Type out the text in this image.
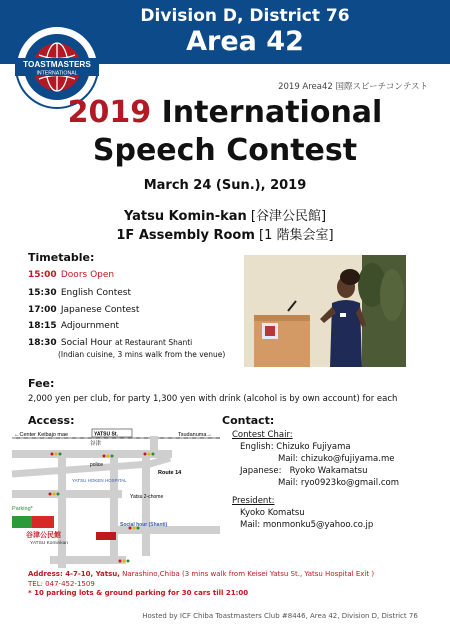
Division D, District 76
Area 42
TOASTMASTERS
INTERNATIONAL
2019 Area42 国際スピーチコンテスト
2019 International
Speech Contest
March 24 (Sun.), 2019
Yatsu Komin-kan [谷津公民館]
1F Assembly Room [1 階集会室]
Timetable:
15:00 Doors Open
15:30 English Contest
17:00 Japanese Contest
18:15 Adjournment
18:30 Social Hour at Restaurant Shanti
(Indian cuisine, 3 mins walk from the venue)
Fee:
2,000 yen per club, for party 1,300 yen with drink (alcohol is by own account) for each
Access:
←Center Keibajo mae	YATSU St.
谷津
Tsudanuma→
Route 14
police
YATSU HOKEN HOSPITAL
Yatsu 2-chome
Parking*
谷津公民館
YATSU Kominkan
Social hour (Shanti)
Address: 4-7-10, Yatsu, Narashino,Chiba (3 mins walk from Keisei Yatsu St., Yatsu Hospital Exit )
TEL: 047-452-1509
* 10 parking lots & ground parking for 30 cars till 21:00
Contact:
Contest Chair:
English: Chizuko Fujiyama
Mail: chizuko@fujiyama.me
Japanese: Ryoko Wakamatsu
Mail: ryo0923ko@gmail.com
President:
Kyoko Komatsu
Mail: monmonku5@yahoo.co.jp
Hosted by ICF Chiba Toastmasters Club #8446, Area 42, Division D, District 76
